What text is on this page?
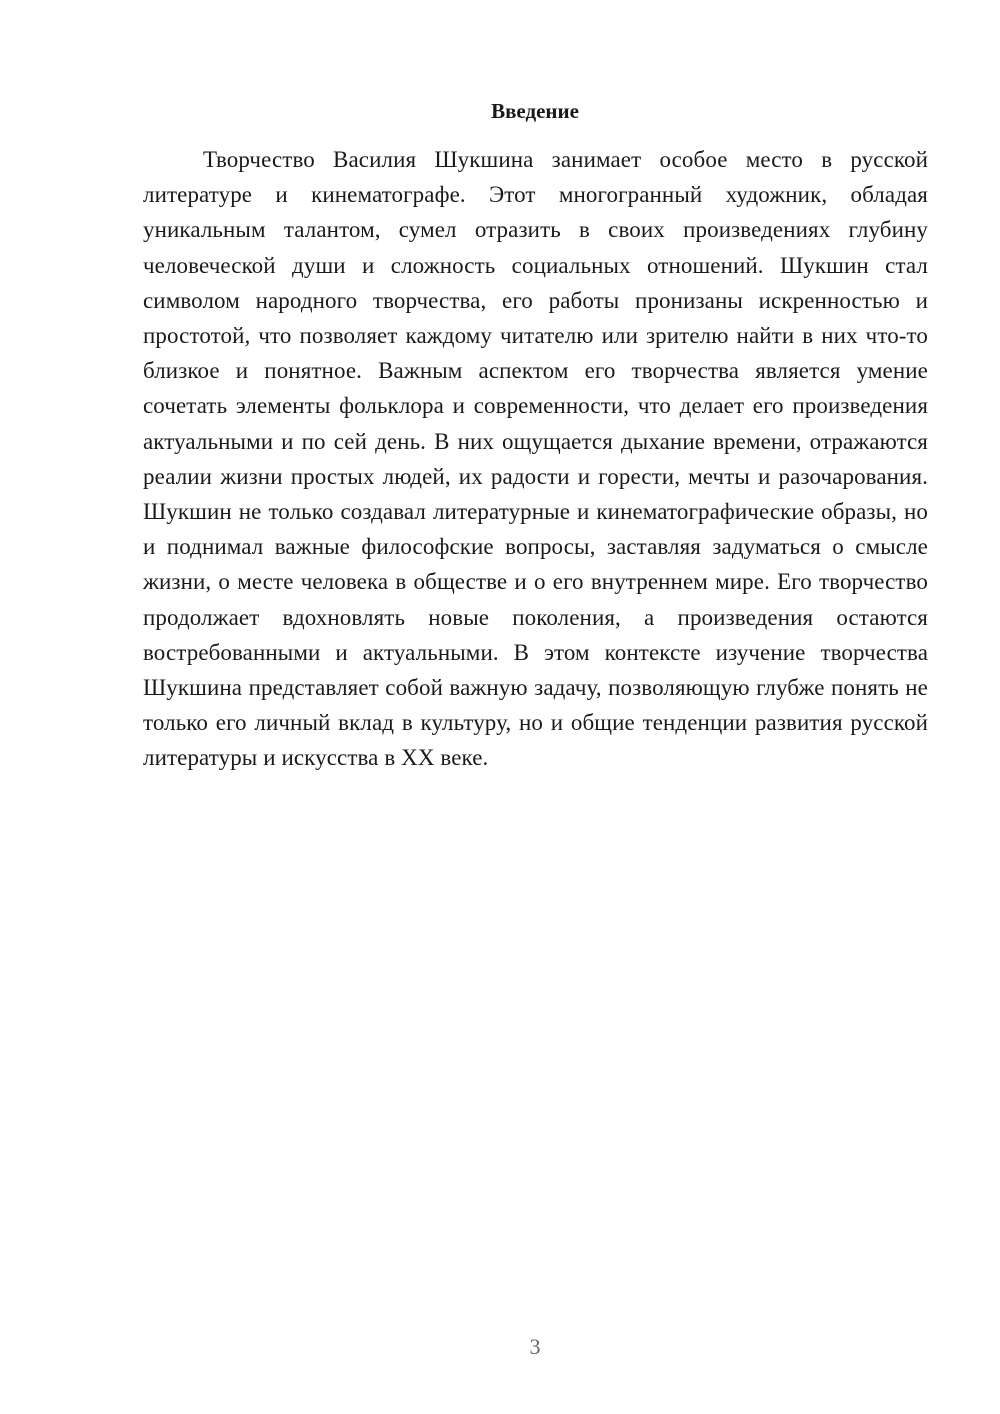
Введение

Творчество Василия Шукшина занимает особое место в русской литературе и кинематографе. Этот многогранный художник, обладая уникальным талантом, сумел отразить в своих произведениях глубину человеческой души и сложность социальных отношений. Шукшин стал символом народного творчества, его работы пронизаны искренностью и простотой, что позволяет каждому читателю или зрителю найти в них что-то близкое и понятное. Важным аспектом его творчества является умение сочетать элементы фольклора и современности, что делает его произведения актуальными и по сей день. В них ощущается дыхание времени, отражаются реалии жизни простых людей, их радости и горести, мечты и разочарования. Шукшин не только создавал литературные и кинематографические образы, но и поднимал важные философские вопросы, заставляя задуматься о смысле жизни, о месте человека в обществе и о его внутреннем мире. Его творчество продолжает вдохновлять новые поколения, а произведения остаются востребованными и актуальными. В этом контексте изучение творчества Шукшина представляет собой важную задачу, позволяющую глубже понять не только его личный вклад в культуру, но и общие тенденции развития русской литературы и искусства в XX веке.

3
